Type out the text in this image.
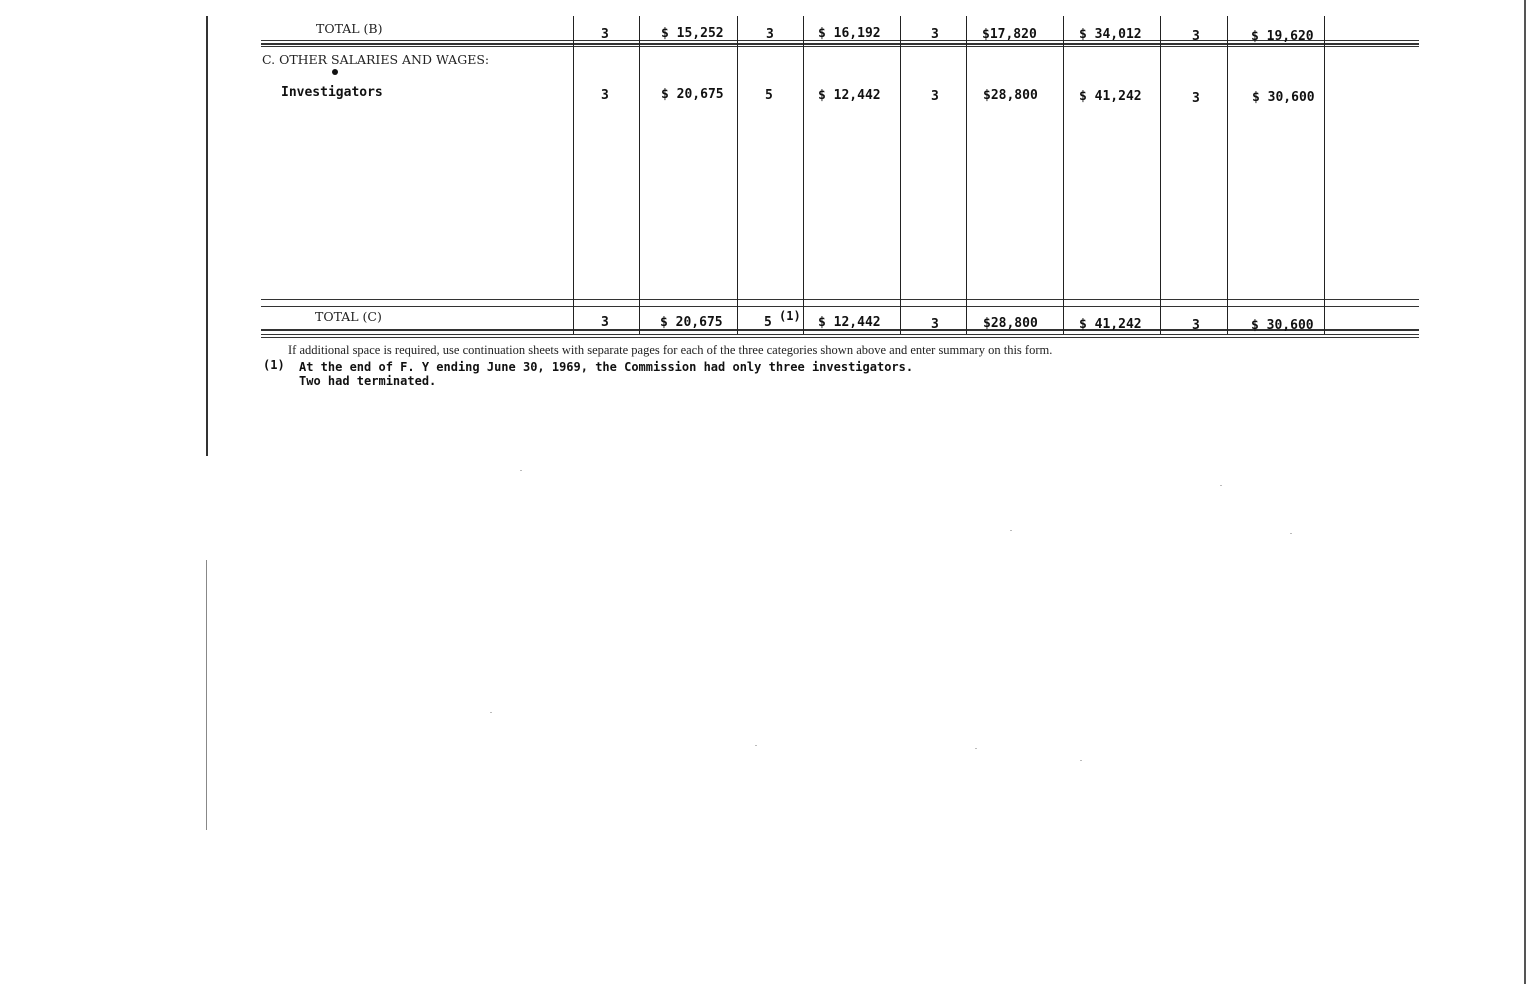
TOTAL (B)	3	$ 15,252	3	$ 16,192	3	$17,820	$ 34,012	3	$ 19,620
C. OTHER SALARIES AND WAGES:
Investigators	3	$ 20,675	5	$ 12,442	3	$28,800	$ 41,242	3	$ 30,600
TOTAL (C)	3	$ 20,675	5 (1) $ 12,442	3	$28,800	$ 41,242	3	$ 30,600
If additional space is required, use continuation sheets with separate pages for each of the three categories shown above and enter summary on this form.
(1) At the end of F. Y ending June 30, 1969, the Commission had only three investigators.
Two had terminated.
